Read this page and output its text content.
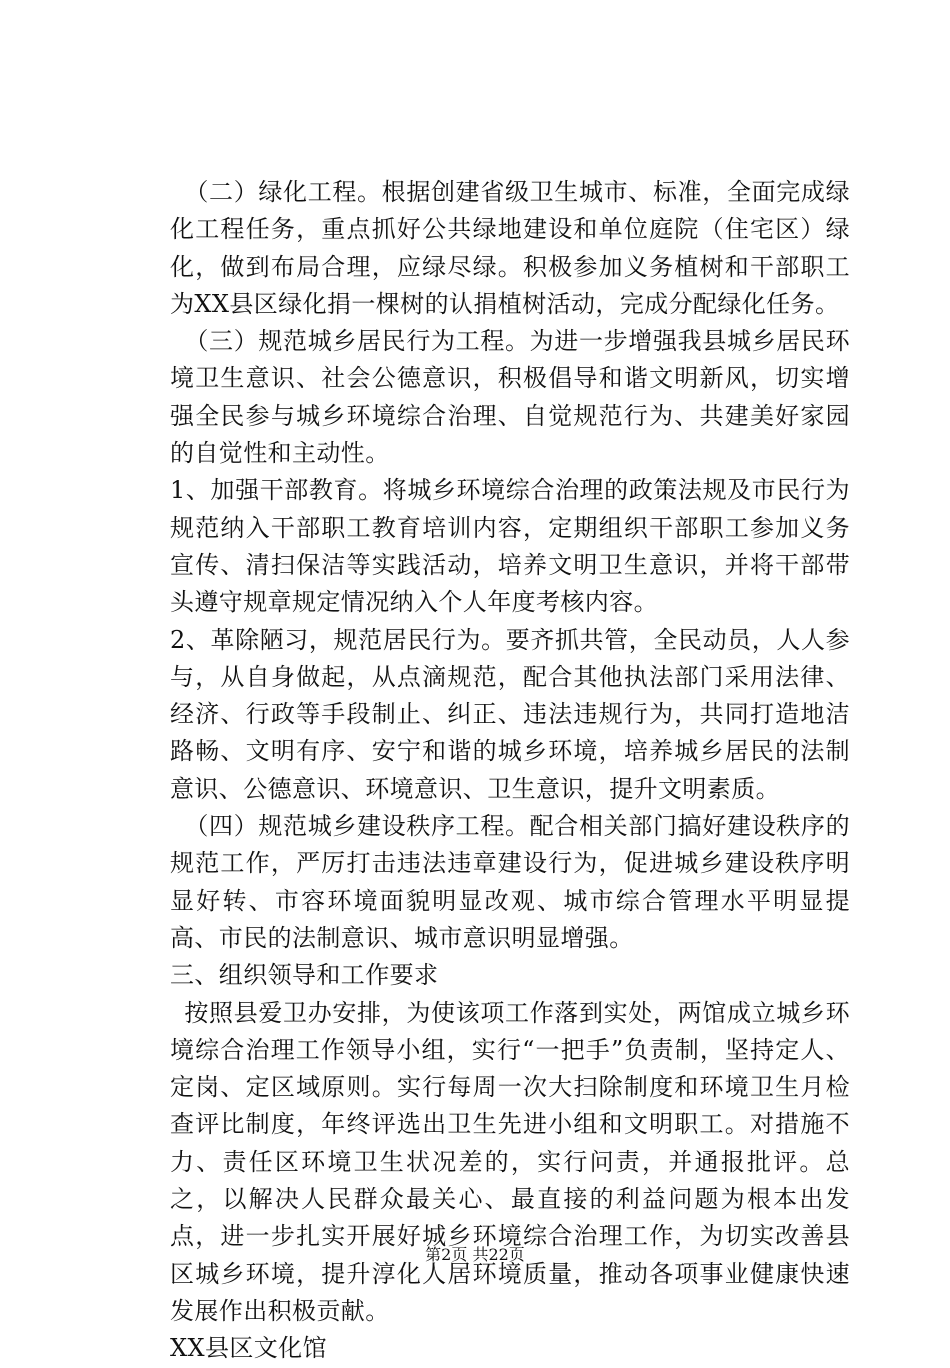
（二）绿化工程。根据创建省级卫生城市、标准，全面完成绿化工程任务，重点抓好公共绿地建设和单位庭院（住宅区）绿化，做到布局合理，应绿尽绿。积极参加义务植树和干部职工为XX县区绿化捐一棵树的认捐植树活动，完成分配绿化任务。

（三）规范城乡居民行为工程。为进一步增强我县城乡居民环境卫生意识、社会公德意识，积极倡导和谐文明新风，切实增强全民参与城乡环境综合治理、自觉规范行为、共建美好家园的自觉性和主动性。

1、加强干部教育。将城乡环境综合治理的政策法规及市民行为规范纳入干部职工教育培训内容，定期组织干部职工参加义务宣传、清扫保洁等实践活动，培养文明卫生意识，并将干部带头遵守规章规定情况纳入个人年度考核内容。

2、革除陋习，规范居民行为。要齐抓共管，全民动员，人人参与，从自身做起，从点滴规范，配合其他执法部门采用法律、经济、行政等手段制止、纠正、违法违规行为，共同打造地洁路畅、文明有序、安宁和谐的城乡环境，培养城乡居民的法制意识、公德意识、环境意识、卫生意识，提升文明素质。

（四）规范城乡建设秩序工程。配合相关部门搞好建设秩序的规范工作，严厉打击违法违章建设行为，促进城乡建设秩序明显好转、市容环境面貌明显改观、城市综合管理水平明显提高、市民的法制意识、城市意识明显增强。

三、组织领导和工作要求

按照县爱卫办安排，为使该项工作落到实处，两馆成立城乡环境综合治理工作领导小组，实行“一把手”负责制，坚持定人、定岗、定区域原则。实行每周一次大扫除制度和环境卫生月检查评比制度，年终评选出卫生先进小组和文明职工。对措施不力、责任区环境卫生状况差的，实行问责，并通报批评。总之，以解决人民群众最关心、最直接的利益问题为根本出发点，进一步扎实开展好城乡环境综合治理工作，为切实改善县区城乡环境，提升淳化人居环境质量，推动各项事业健康快速发展作出积极贡献。

XX县区文化馆

第2页 共22页
